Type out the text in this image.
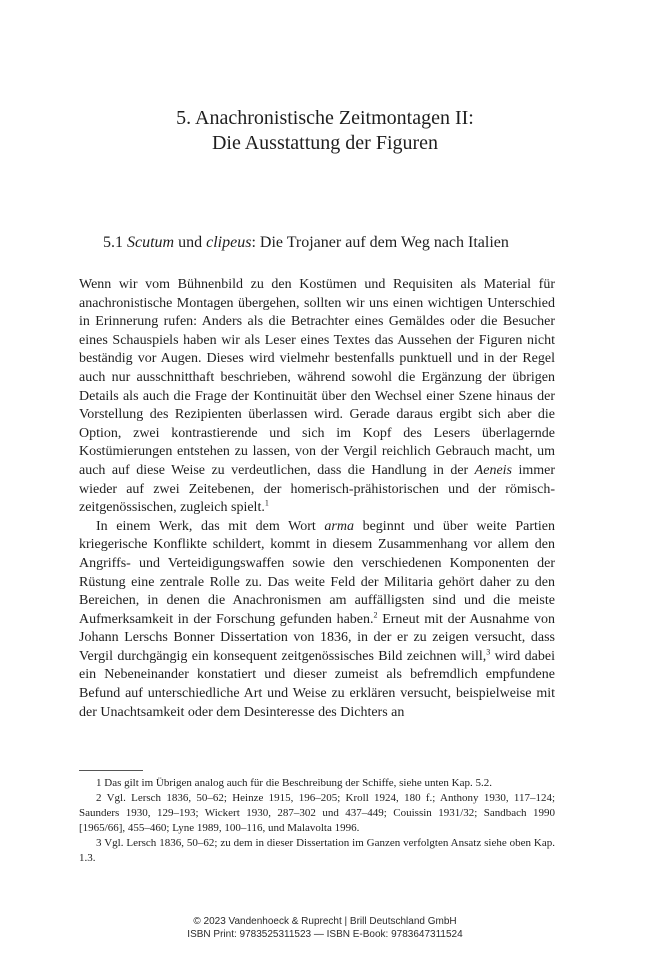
5. Anachronistische Zeitmontagen II:
Die Ausstattung der Figuren
5.1 Scutum und clipeus: Die Trojaner auf dem Weg nach Italien

Wenn wir vom Bühnenbild zu den Kostümen und Requisiten als Material für anachronistische Montagen übergehen, sollten wir uns einen wichtigen Unterschied in Erinnerung rufen: Anders als die Betrachter eines Gemäldes oder die Besucher eines Schauspiels haben wir als Leser eines Textes das Aussehen der Figuren nicht beständig vor Augen. Dieses wird vielmehr bestenfalls punktuell und in der Regel auch nur ausschnitthaft beschrieben, während sowohl die Ergänzung der übrigen Details als auch die Frage der Kontinuität über den Wechsel einer Szene hinaus der Vorstellung des Rezipienten überlassen wird. Gerade daraus ergibt sich aber die Option, zwei kontrastierende und sich im Kopf des Lesers überlagernde Kostümierungen entstehen zu lassen, von der Vergil reichlich Gebrauch macht, um auch auf diese Weise zu verdeutlichen, dass die Handlung in der Aeneis immer wieder auf zwei Zeitebenen, der homerisch-prähistorischen und der römisch-zeitgenössischen, zugleich spielt.$^1$

In einem Werk, das mit dem Wort arma beginnt und über weite Partien kriegerische Konflikte schildert, kommt in diesem Zusammenhang vor allem den Angriffs- und Verteidigungswaffen sowie den verschiedenen Komponenten der Rüstung eine zentrale Rolle zu. Das weite Feld der Militaria gehört daher zu den Bereichen, in denen die Anachronismen am auffälligsten sind und die meiste Aufmerksamkeit in der Forschung gefunden haben.$^2$ Erneut mit der Ausnahme von Johann Lerschs Bonner Dissertation von 1836, in der er zu zeigen versucht, dass Vergil durchgängig ein konsequent zeitgenössisches Bild zeichnen will,$^3$ wird dabei ein Nebeneinander konstatiert und dieser zumeist als befremdlich empfundene Befund auf unterschiedliche Art und Weise zu erklären versucht, beispielweise mit der Unachtsamkeit oder dem Desinteresse des Dichters an

1 Das gilt im Übrigen analog auch für die Beschreibung der Schiffe, siehe unten Kap. 5.2.

2 Vgl. Lersch 1836, 50–62; Heinze 1915, 196–205; Kroll 1924, 180 f.; Anthony 1930, 117–124; Saunders 1930, 129–193; Wickert 1930, 287–302 und 437–449; Couissin 1931/32; Sandbach 1990 [1965/66], 455–460; Lyne 1989, 100–116, und Malavolta 1996.

3 Vgl. Lersch 1836, 50–62; zu dem in dieser Dissertation im Ganzen verfolgten Ansatz siehe oben Kap. 1.3.

© 2023 Vandenhoeck & Ruprecht | Brill Deutschland GmbH
ISBN Print: 9783525311523 — ISBN E-Book: 9783647311524
